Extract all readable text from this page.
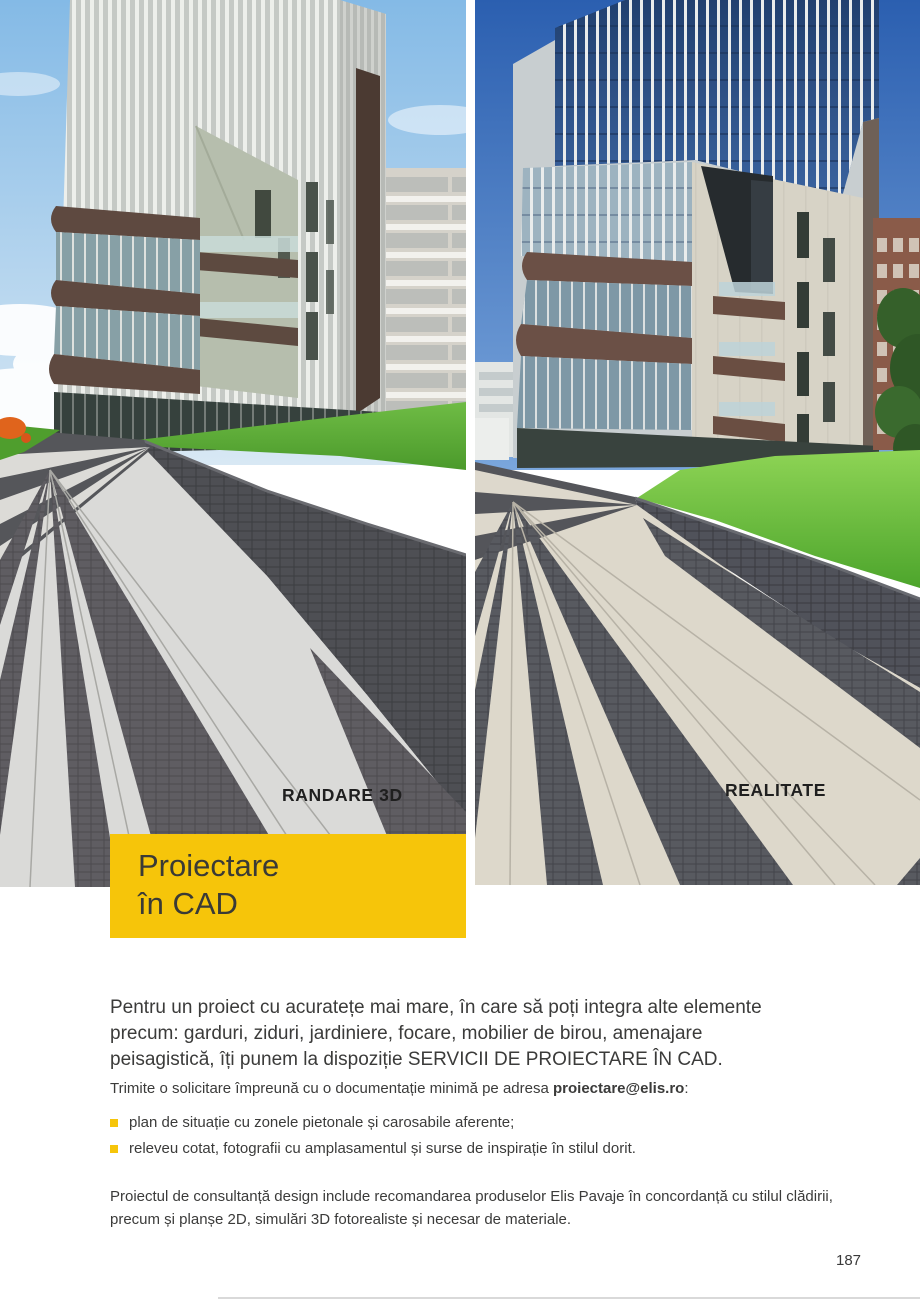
RANDARE 3D	REALITATE
Proiectare
în CAD

Pentru un proiect cu acuratețe mai mare, în care să poți integra alte elemente precum: garduri, ziduri, jardiniere, focare, mobilier de birou, amenajare peisagistică, îți punem la dispoziție SERVICII DE PROIECTARE ÎN CAD.

Trimite o solicitare împreună cu o documentație minimă pe adresa proiectare@elis.ro:
plan de situație cu zonele pietonale și carosabile aferente;
releveu cotat, fotografii cu amplasamentul și surse de inspirație în stilul dorit.

Proiectul de consultanță design include recomandarea produselor Elis Pavaje în concordanță cu stilul clădirii, precum și planșe 2D, simulări 3D fotorealiste și necesar de materiale.

187
